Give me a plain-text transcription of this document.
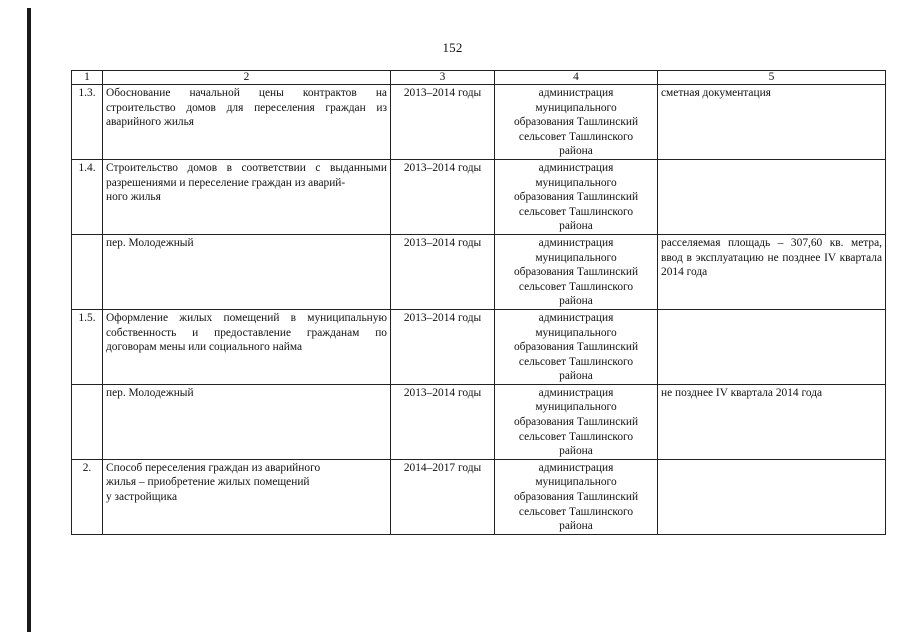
152
1	2	3	4	5
1.3.	Обоснование начальной цены контрактов на строительство домов для переселения граждан из аварийного жилья	2013–2014 годы	администрация
муниципального
образования Ташлинский
сельсовет Ташлинского
района	сметная документация
1.4.	Строительство домов в соответствии с выданными разрешениями и переселение граждан из аварий-
ного жилья	2013–2014 годы	администрация
муниципального
образования Ташлинский
сельсовет Ташлинского
района	
	пер. Молодежный	2013–2014 годы	администрация
муниципального
образования Ташлинский
сельсовет Ташлинского
района	расселяемая площадь – 307,60 кв. метра, ввод в эксплуатацию не позднее IV квартала 2014 года
1.5.	Оформление жилых помещений в муниципальную собственность и предоставление гражданам по договорам мены или социального найма	2013–2014 годы	администрация
муниципального
образования Ташлинский
сельсовет Ташлинского
района	
	пер. Молодежный	2013–2014 годы	администрация
муниципального
образования Ташлинский
сельсовет Ташлинского
района	не позднее IV квартала 2014 года
2.	Способ переселения граждан из аварийного
жилья – приобретение жилых помещений
у застройщика	2014–2017 годы	администрация
муниципального
образования Ташлинский
сельсовет Ташлинского
района	
